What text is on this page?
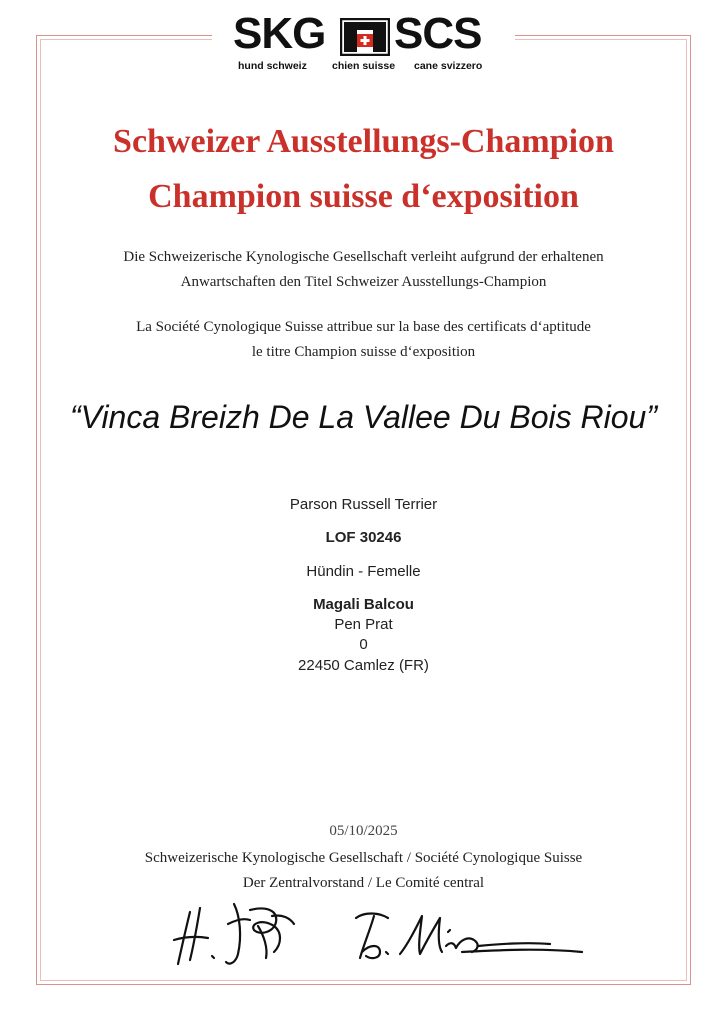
SKG SCS
hund schweiz chien suisse cane svizzero
Schweizer Ausstellungs-Champion
Champion suisse d‘exposition
Die Schweizerische Kynologische Gesellschaft verleiht aufgrund der erhaltenen
Anwartschaften den Titel Schweizer Ausstellungs-Champion
La Société Cynologique Suisse attribue sur la base des certificats d‘aptitude
le titre Champion suisse d‘exposition
“Vinca Breizh De La Vallee Du Bois Riou”
Parson Russell Terrier
LOF 30246
Hündin - Femelle
Magali Balcou
Pen Prat
0
22450 Camlez (FR)
05/10/2025
Schweizerische Kynologische Gesellschaft / Société Cynologique Suisse
Der Zentralvorstand / Le Comité central
